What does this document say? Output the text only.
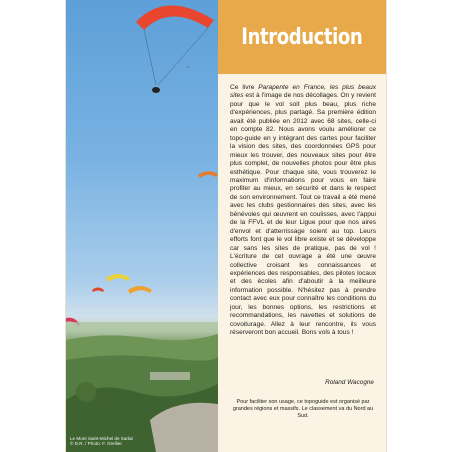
Le Mont Saint-Michel de Sarlat
© D.R. / Photo: F. Grellier
Introduction

Ce livre Parapente en France, les plus beaux sites est à l'image de nos décollages. On y revient pour que le vol soit plus beau, plus riche d'expériences, plus partagé. Sa première édition avait été publiée en 2012 avec 68 sites, celle-ci en compte 82. Nous avons voulu améliorer ce topo-guide en y intégrant des cartes pour faciliter la vision des sites, des coordonnées GPS pour mieux les trouver, des nouveaux sites pour être plus complet, de nouvelles photos pour être plus esthétique. Pour chaque site, vous trouverez le maximum d'informations pour vous en faire profiter au mieux, en sécurité et dans le respect de son environnement. Tout ce travail a été mené avec les clubs gestionnaires des sites, avec les bénévoles qui œuvrent en coulisses, avec l'appui de la FFVL et de leur Ligue pour que nos aires d'envol et d'atterrissage soient au top. Leurs efforts font que le vol libre existe et se développe car sans les sites de pratique, pas de vol ! L'écriture de cet ouvrage a été une œuvre collective croisant les connaissances et expériences des responsables, des pilotes locaux et des écoles afin d'aboutir à la meilleure information possible. N'hésitez pas à prendre contact avec eux pour connaître les conditions du jour, les bonnes options, les restrictions et recommandations, les navettes et solutions de covoiturage. Allez à leur rencontre, ils vous réserveront bon accueil. Bons vols à tous !

Roland Wacogne
Pour faciliter son usage, ce topoguide est organisé par grandes régions et massifs. Le classement va du Nord au Sud.
